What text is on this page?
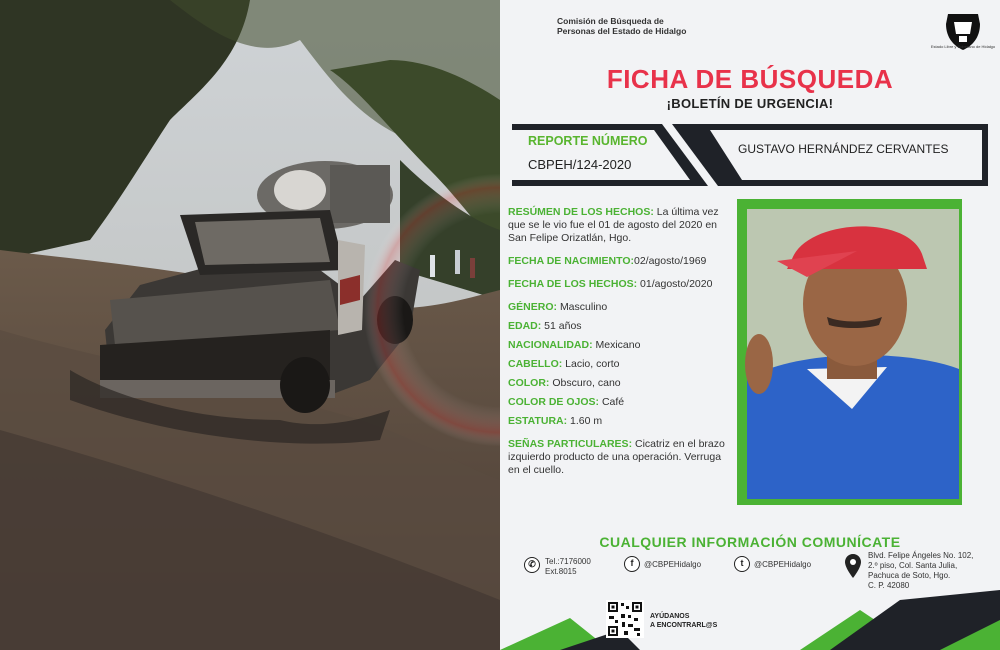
Comisión de Búsqueda de
Personas del Estado de Hidalgo
Estado Libre y Soberano de Hidalgo
FICHA DE BÚSQUEDA
¡BOLETÍN DE URGENCIA!
REPORTE NÚMERO
CBPEH/124-2020
GUSTAVO HERNÁNDEZ CERVANTES
RESÚMEN DE LOS HECHOS: La última vez que se le vio fue el 01 de agosto del 2020 en San Felipe Orizatlán, Hgo.
FECHA DE NACIMIENTO:02/agosto/1969
FECHA DE LOS HECHOS: 01/agosto/2020
GÉNERO: Masculino
EDAD: 51 años
NACIONALIDAD: Mexicano
CABELLO: Lacio, corto
COLOR: Obscuro, cano
COLOR DE OJOS: Café
ESTATURA: 1.60 m
SEÑAS PARTICULARES: Cicatriz en el brazo izquierdo producto de una operación. Verruga en el cuello.
CUALQUIER INFORMACIÓN COMUNÍCATE
✆	Tel.:7176000
Ext.8015
f	@CBPEHidalgo	t	@CBPEHidalgo
Blvd. Felipe Ángeles No. 102,
2.º piso, Col. Santa Julia,
Pachuca de Soto, Hgo.
C. P. 42080
AYÚDANOS
A ENCONTRARL@S
